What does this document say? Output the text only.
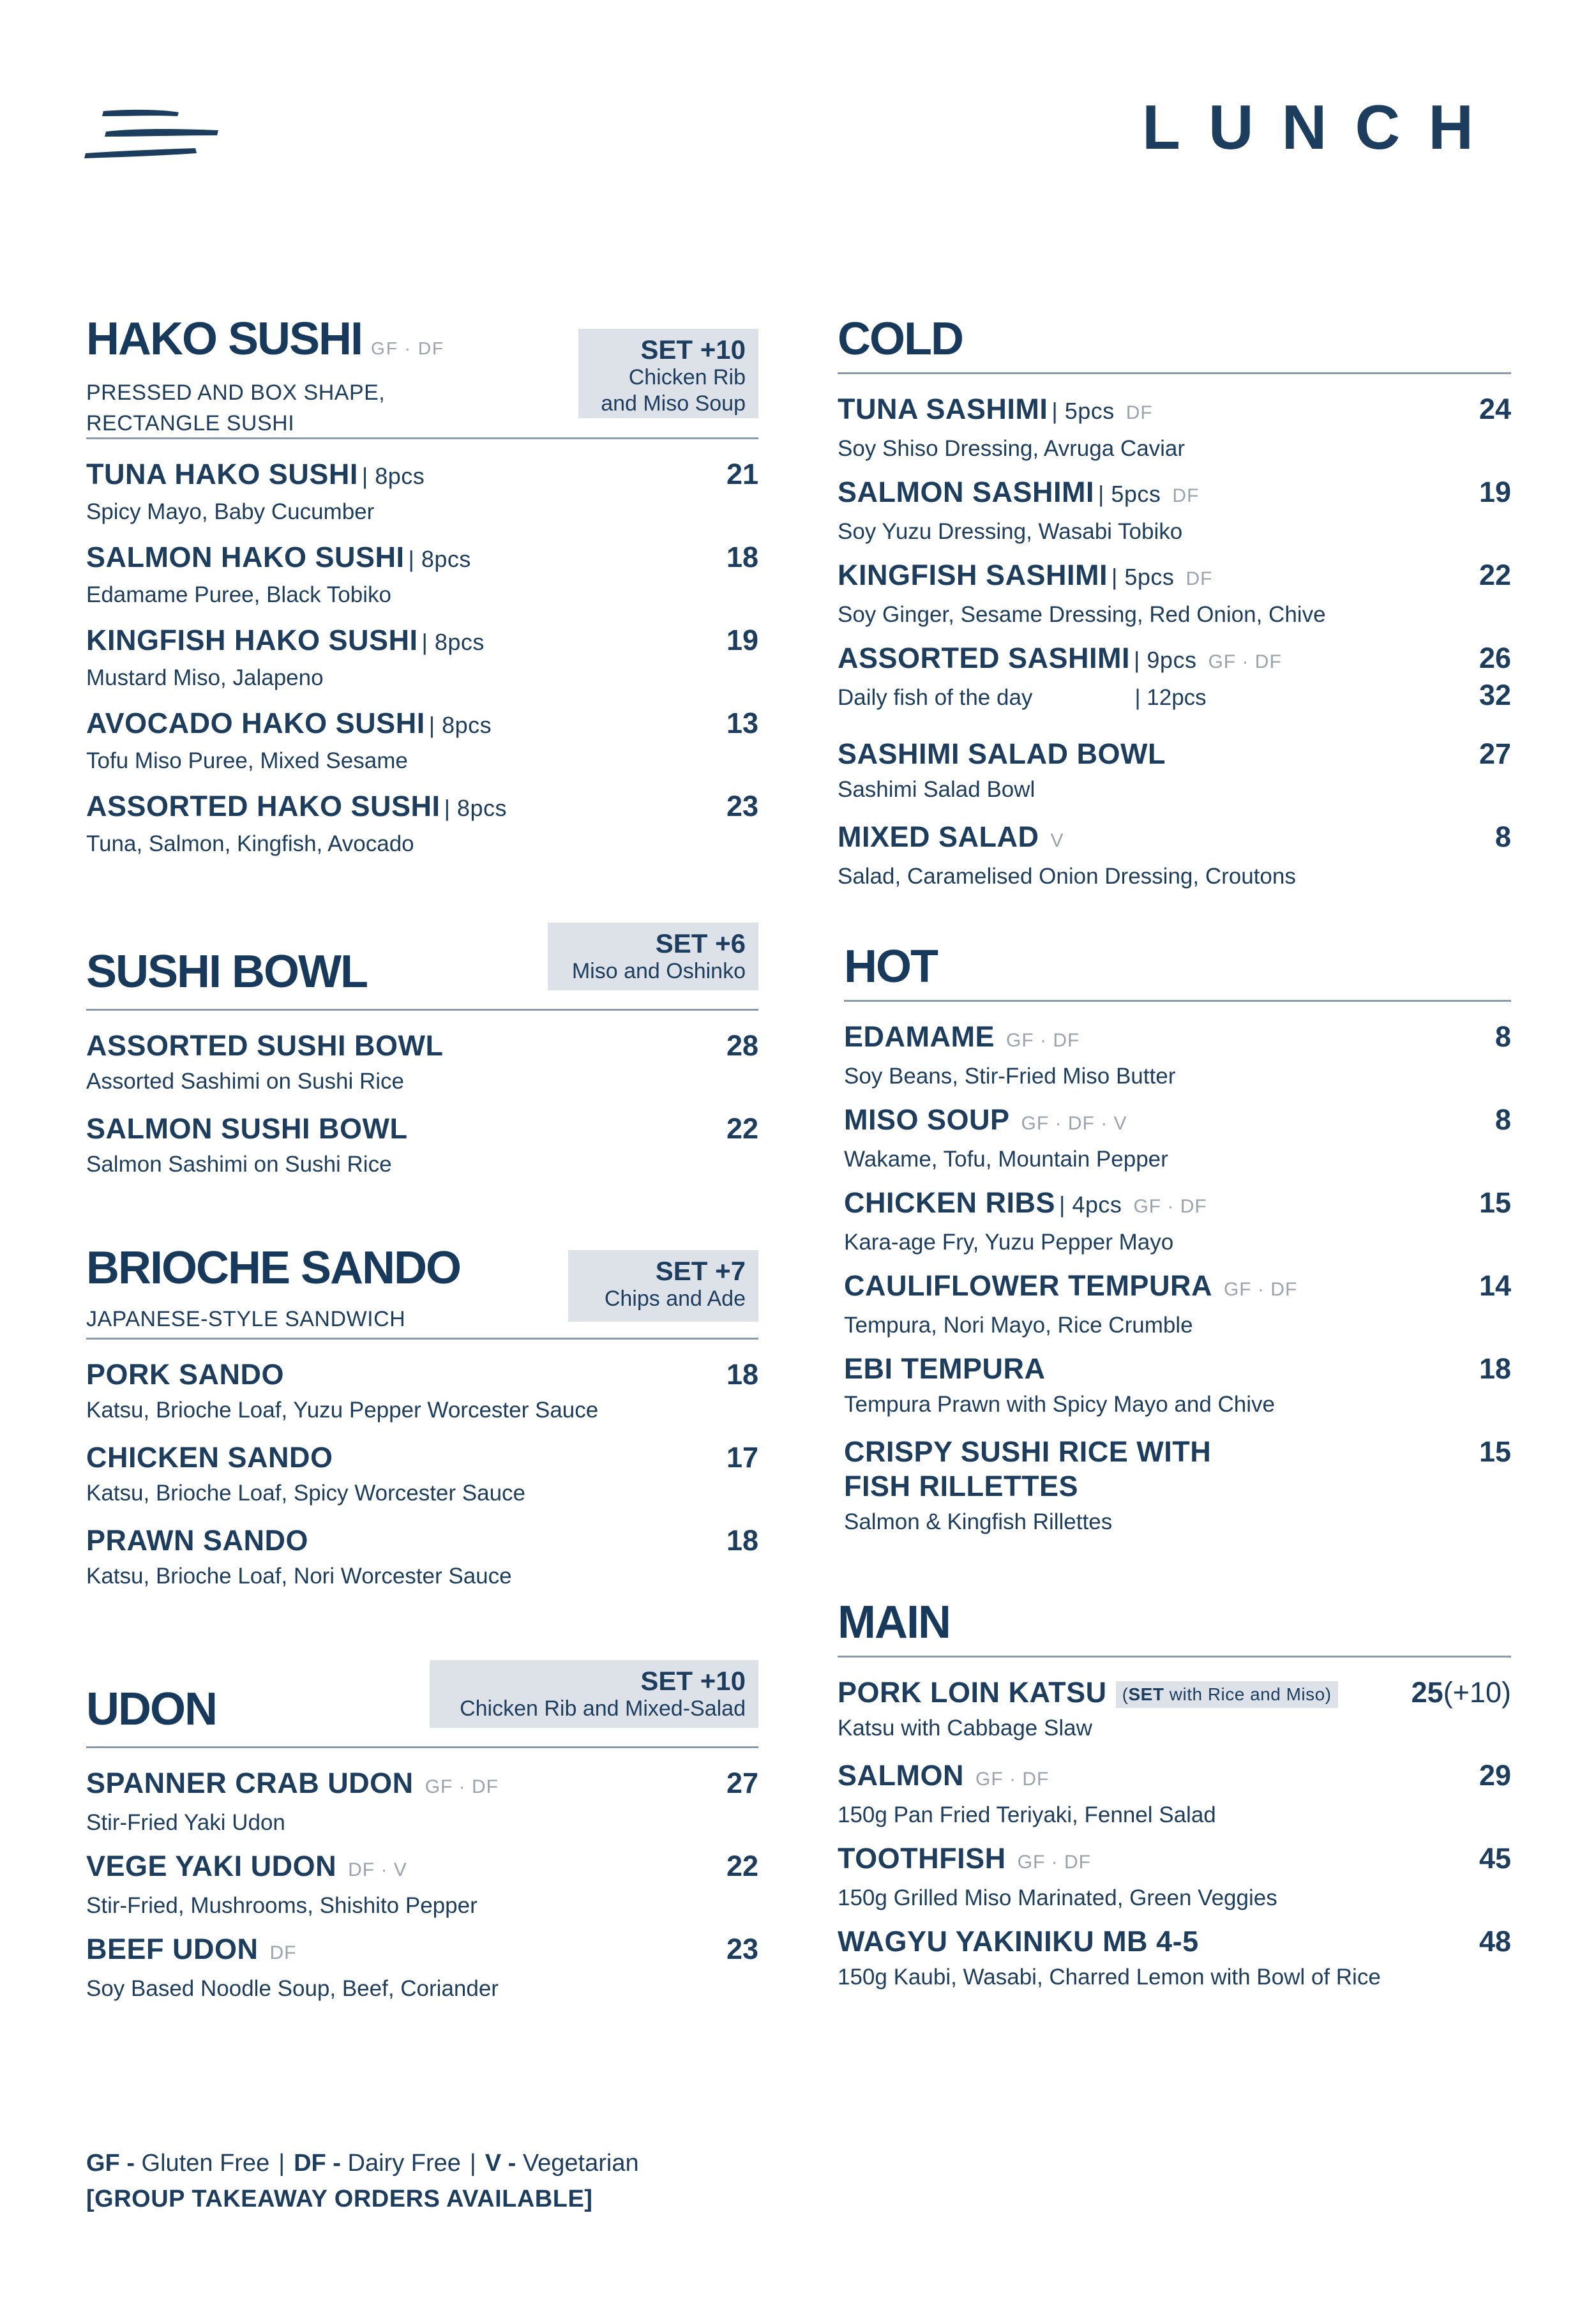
LUNCH
HAKO SUSHI GF · DF
PRESSED AND BOX SHAPE,
RECTANGLE SUSHI
SET +10
Chicken Rib
and Miso Soup
TUNA HAKO SUSHI | 8pcs
Spicy Mayo, Baby Cucumber
21
SALMON HAKO SUSHI | 8pcs
Edamame Puree, Black Tobiko
18
KINGFISH HAKO SUSHI | 8pcs
Mustard Miso, Jalapeno
19
AVOCADO HAKO SUSHI | 8pcs
Tofu Miso Puree, Mixed Sesame
13
ASSORTED HAKO SUSHI | 8pcs
Tuna, Salmon, Kingfish, Avocado
23
SUSHI BOWL
SET +6
Miso and Oshinko
ASSORTED SUSHI BOWL
Assorted Sashimi on Sushi Rice
28
SALMON SUSHI BOWL
Salmon Sashimi on Sushi Rice
22
BRIOCHE SANDO
JAPANESE-STYLE SANDWICH
SET +7
Chips and Ade
PORK SANDO
Katsu, Brioche Loaf, Yuzu Pepper Worcester Sauce
18
CHICKEN SANDO
Katsu, Brioche Loaf, Spicy Worcester Sauce
17
PRAWN SANDO
Katsu, Brioche Loaf, Nori Worcester Sauce
18
UDON
SET +10
Chicken Rib and Mixed-Salad
SPANNER CRAB UDON GF · DF
Stir-Fried Yaki Udon
27
VEGE YAKI UDON DF · V
Stir-Fried, Mushrooms, Shishito Pepper
22
BEEF UDON DF
Soy Based Noodle Soup, Beef, Coriander
23
COLD
TUNA SASHIMI | 5pcs DF
Soy Shiso Dressing, Avruga Caviar
24
SALMON SASHIMI | 5pcs DF
Soy Yuzu Dressing, Wasabi Tobiko
19
KINGFISH SASHIMI | 5pcs DF
Soy Ginger, Sesame Dressing, Red Onion, Chive
22
ASSORTED SASHIMI | 9pcs GF · DF
Daily fish of the day	| 12pcs
26
32
SASHIMI SALAD BOWL
Sashimi Salad Bowl
27
MIXED SALAD V
Salad, Caramelised Onion Dressing, Croutons
8
HOT
EDAMAME GF · DF
Soy Beans, Stir-Fried Miso Butter
8
MISO SOUP GF · DF · V
Wakame, Tofu, Mountain Pepper
8
CHICKEN RIBS | 4pcs GF · DF
Kara-age Fry, Yuzu Pepper Mayo
15
CAULIFLOWER TEMPURA GF · DF
Tempura, Nori Mayo, Rice Crumble
14
EBI TEMPURA
Tempura Prawn with Spicy Mayo and Chive
18
CRISPY SUSHI RICE WITH
FISH RILLETTES
Salmon & Kingfish Rillettes
15
MAIN
PORK LOIN KATSU (SET with Rice and Miso)
Katsu with Cabbage Slaw
25(+10)
SALMON GF · DF
150g Pan Fried Teriyaki, Fennel Salad
29
TOOTHFISH GF · DF
150g Grilled Miso Marinated, Green Veggies
45
WAGYU YAKINIKU MB 4-5
150g Kaubi, Wasabi, Charred Lemon with Bowl of Rice
48
GF - Gluten Free | DF - Dairy Free | V - Vegetarian
[GROUP TAKEAWAY ORDERS AVAILABLE]
